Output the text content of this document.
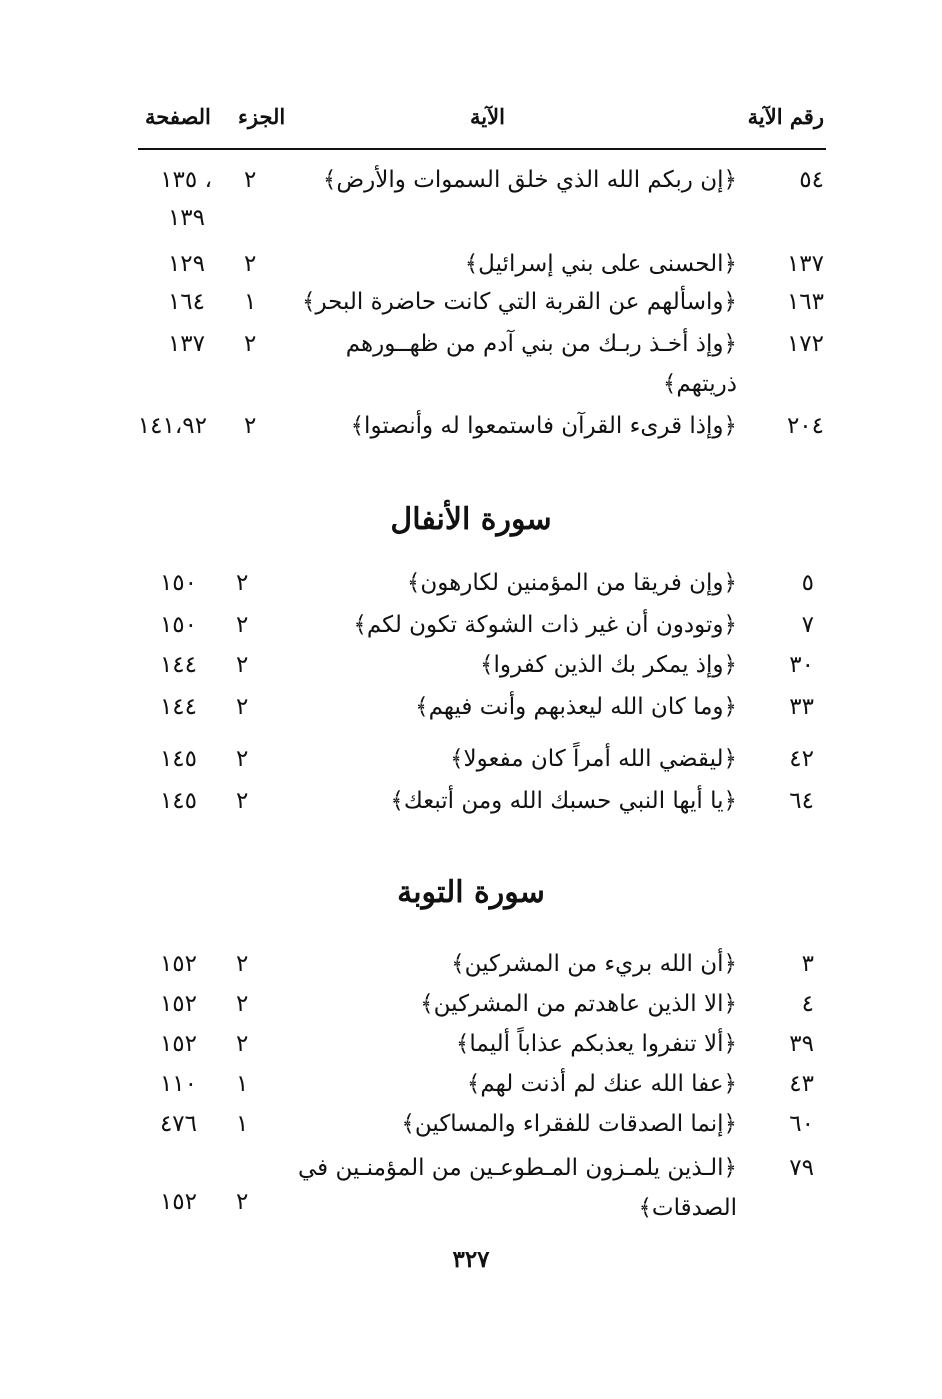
رقم الآية
الآية
الجزء
الصفحة
٥٤
﴿إن ربكم الله الذي خلق السموات والأرض﴾
٢
١٣٥ ،
١٣٩
١٣٧
﴿الحسنى على بني إسرائيل﴾
٢
١٢٩
١٦٣
﴿واسألهم عن القربة التي كانت حاضرة البحر﴾
١
١٦٤
١٧٢
﴿وإذ أخـذ ربـك من بني آدم من ظهــورهم
ذريتهم﴾
٢
١٣٧
٢٠٤
﴿وإذا قرىء القرآن فاستمعوا له وأنصتوا﴾
٢
١٤١،٩٢
سورة الأنفال
٥
﴿وإن فريقا من المؤمنين لكارهون﴾
٢
١٥٠
٧
﴿وتودون أن غير ذات الشوكة تكون لكم﴾
٢
١٥٠
٣٠
﴿وإذ يمكر بك الذين كفروا﴾
٢
١٤٤
٣٣
﴿وما كان الله ليعذبهم وأنت فيهم﴾
٢
١٤٤
٤٢
﴿ليقضي الله أمراً كان مفعولا﴾
٢
١٤٥
٦٤
﴿يا أيها النبي حسبك الله ومن أتبعك﴾
٢
١٤٥
سورة التوبة
٣
﴿أن الله بريء من المشركين﴾
٢
١٥٢
٤
﴿الا الذين عاهدتم من المشركين﴾
٢
١٥٢
٣٩
﴿ألا تنفروا يعذبكم عذاباً أليما﴾
٢
١٥٢
٤٣
﴿عفا الله عنك لم أذنت لهم﴾
١
١١٠
٦٠
﴿إنما الصدقات للفقراء والمساكين﴾
١
٤٧٦
٧٩
﴿الـذين يلمـزون المـطوعـين من المؤمنـين في
الصدقات﴾
٢
١٥٢
٣٢٧
